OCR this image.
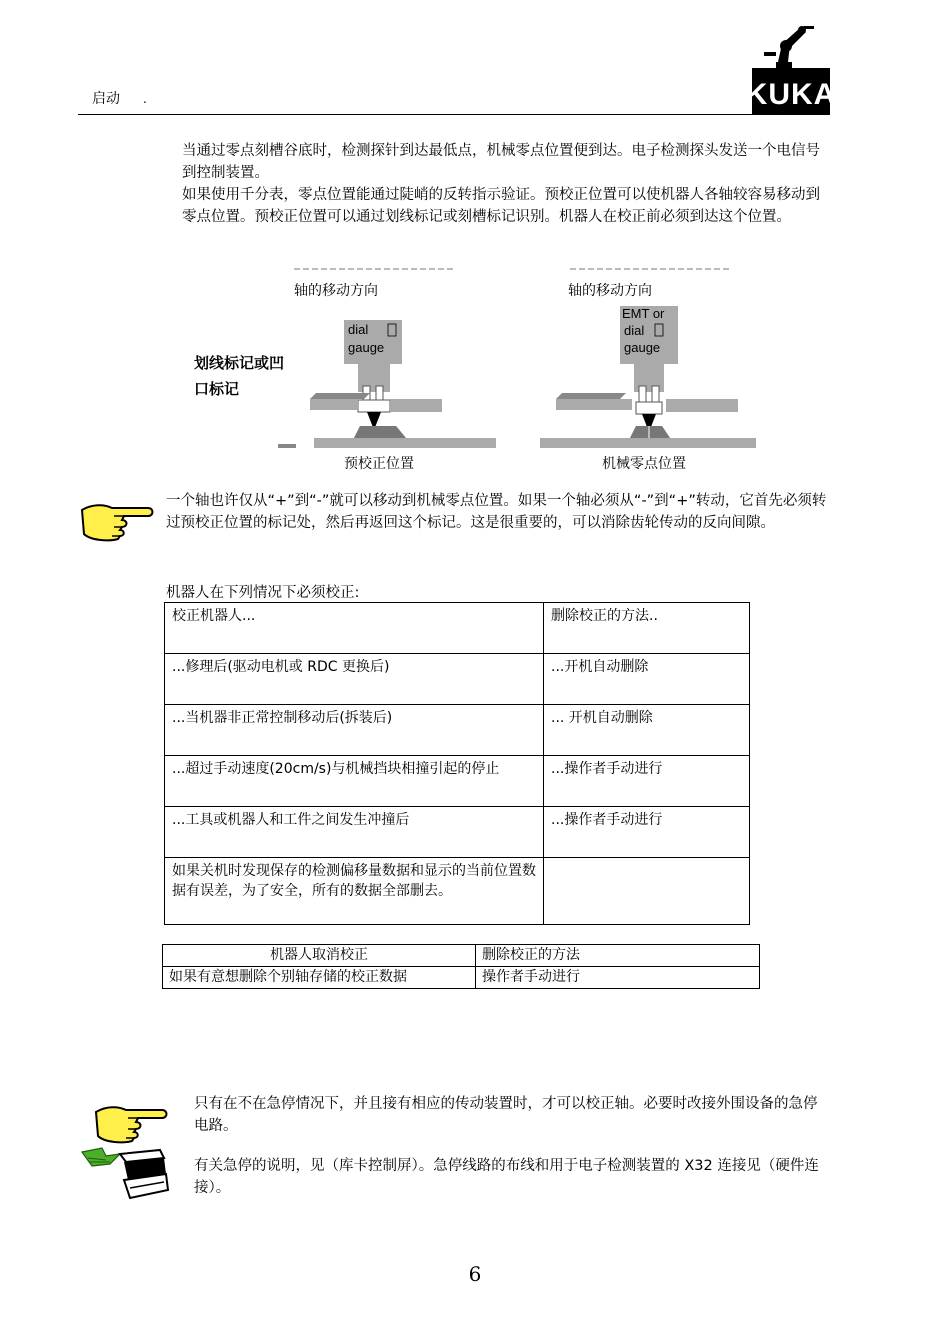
启动 .	KUKA
当通过零点刻槽谷底时，检测探针到达最低点，机械零点位置便到达。电子检测探头发送一个电信号到控制装置。
如果使用千分表，零点位置能通过陡峭的反转指示验证。预校正位置可以使机器人各轴较容易移动到零点位置。预校正位置可以通过划线标记或刻槽标记识别。机器人在校正前必须到达这个位置。
轴的移动方向	轴的移动方向
dial
gauge
划线标记或凹
口标记
预校正位置
EMT or
dial
gauge
机械零点位置
一个轴也许仅从“+”到“-”就可以移动到机械零点位置。如果一个轴必须从“-”到“+”转动，它首先必须转过预校正位置的标记处，然后再返回这个标记。这是很重要的，可以消除齿轮传动的反向间隙。
机器人在下列情况下必须校正:
校正机器人...	删除校正的方法..
...修理后(驱动电机或 RDC 更换后)	...开机自动删除
...当机器非正常控制移动后(拆装后)	... 开机自动删除
...超过手动速度(20cm/s)与机械挡块相撞引起的停止	...操作者手动进行
...工具或机器人和工件之间发生冲撞后	...操作者手动进行
如果关机时发现保存的检测偏移量数据和显示的当前位置数据有误差，为了安全，所有的数据全部删去。	
机器人取消校正	删除校正的方法
如果有意想删除个别轴存储的校正数据	操作者手动进行
只有在不在急停情况下，并且接有相应的传动装置时，才可以校正轴。必要时改接外围设备的急停电路。
有关急停的说明，见（库卡控制屏）。急停线路的布线和用于电子检测装置的 X32 连接见（硬件连接）。
6
